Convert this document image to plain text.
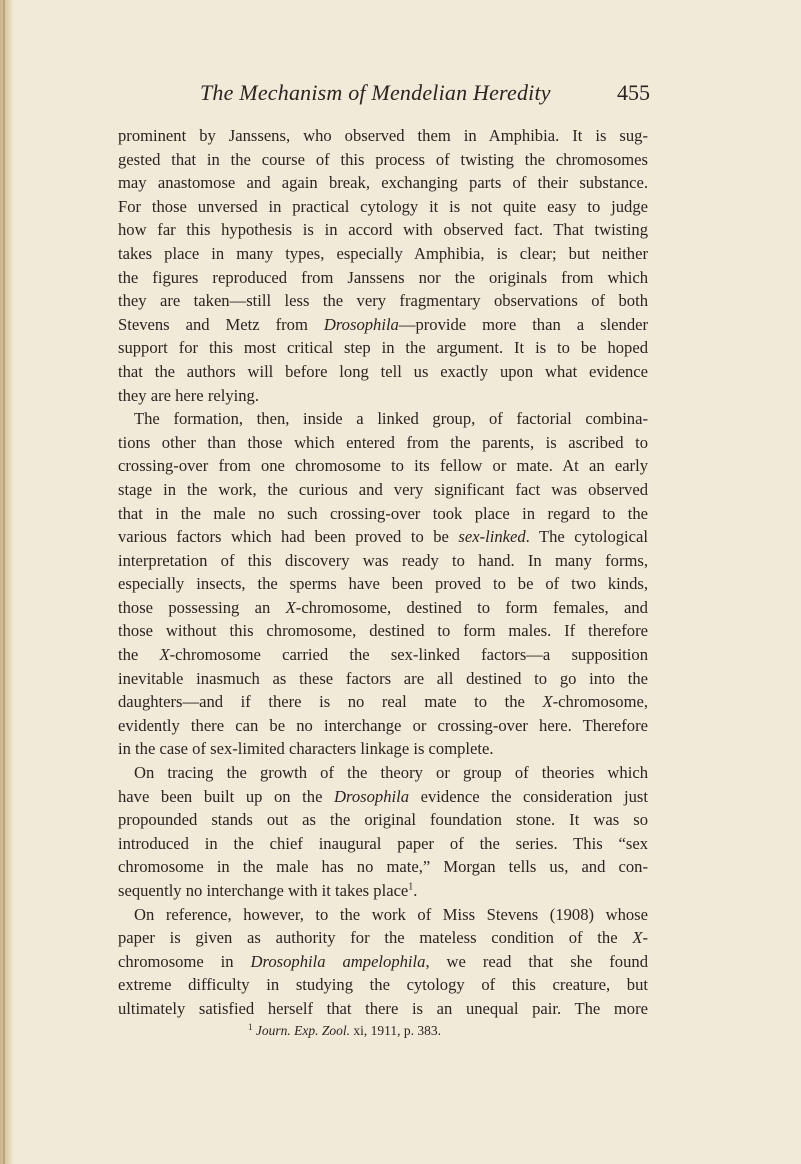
The Mechanism of Mendelian Heredity	455
prominent by Janssens, who observed them in Amphibia. It is sug-
gested that in the course of this process of twisting the chromosomes
may anastomose and again break, exchanging parts of their substance.
For those unversed in practical cytology it is not quite easy to judge
how far this hypothesis is in accord with observed fact. That twisting
takes place in many types, especially Amphibia, is clear; but neither
the figures reproduced from Janssens nor the originals from which
they are taken—still less the very fragmentary observations of both
Stevens and Metz from Drosophila—provide more than a slender
support for this most critical step in the argument. It is to be hoped
that the authors will before long tell us exactly upon what evidence
they are here relying.
The formation, then, inside a linked group, of factorial combina-
tions other than those which entered from the parents, is ascribed to
crossing-over from one chromosome to its fellow or mate. At an early
stage in the work, the curious and very significant fact was observed
that in the male no such crossing-over took place in regard to the
various factors which had been proved to be sex-linked. The cytological
interpretation of this discovery was ready to hand. In many forms,
especially insects, the sperms have been proved to be of two kinds,
those possessing an X-chromosome, destined to form females, and
those without this chromosome, destined to form males. If therefore
the X-chromosome carried the sex-linked factors—a supposition
inevitable inasmuch as these factors are all destined to go into the
daughters—and if there is no real mate to the X-chromosome,
evidently there can be no interchange or crossing-over here. Therefore
in the case of sex-limited characters linkage is complete.
On tracing the growth of the theory or group of theories which
have been built up on the Drosophila evidence the consideration just
propounded stands out as the original foundation stone. It was so
introduced in the chief inaugural paper of the series. This “sex
chromosome in the male has no mate,” Morgan tells us, and con-
sequently no interchange with it takes place$^1$.
On reference, however, to the work of Miss Stevens (1908) whose
paper is given as authority for the mateless condition of the X-
chromosome in Drosophila ampelophila, we read that she found
extreme difficulty in studying the cytology of this creature, but
ultimately satisfied herself that there is an unequal pair. The more
$^1$ Journ. Exp. Zool. xi, 1911, p. 383.
